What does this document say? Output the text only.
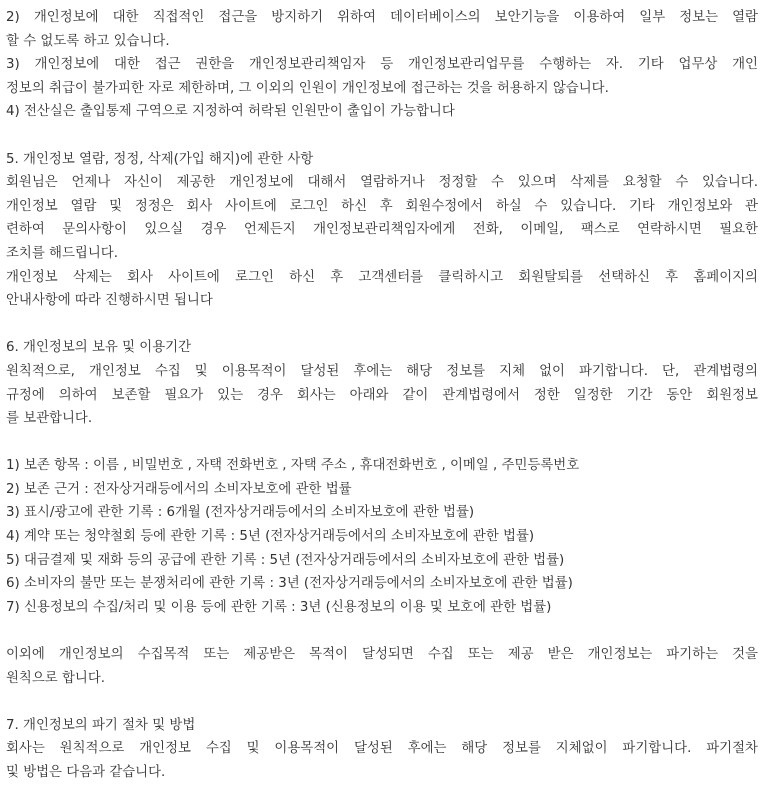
2) 개인정보에 대한 직접적인 접근을 방지하기 위하여 데이터베이스의 보안기능을 이용하여 일부 정보는 열람
할 수 없도록 하고 있습니다.
3) 개인정보에 대한 접근 권한을 개인정보관리책임자 등 개인정보관리업무를 수행하는 자. 기타 업무상 개인
정보의 취급이 불가피한 자로 제한하며, 그 이외의 인원이 개인정보에 접근하는 것을 허용하지 않습니다.
4) 전산실은 출입통제 구역으로 지정하여 허락된 인원만이 출입이 가능합니다
5. 개인정보 열람, 정정, 삭제(가입 해지)에 관한 사항
회원님은 언제나 자신이 제공한 개인정보에 대해서 열람하거나 정정할 수 있으며 삭제를 요청할 수 있습니다.
개인정보 열람 및 정정은 회사 사이트에 로그인 하신 후 회원수정에서 하실 수 있습니다. 기타 개인정보와 관
련하여 문의사항이 있으실 경우 언제든지 개인정보관리책임자에게 전화, 이메일, 팩스로 연락하시면 필요한
조치를 해드립니다.
개인정보 삭제는 회사 사이트에 로그인 하신 후 고객센터를 클릭하시고 회원탈퇴를 선택하신 후 홈페이지의
안내사항에 따라 진행하시면 됩니다
6. 개인정보의 보유 및 이용기간
원칙적으로, 개인정보 수집 및 이용목적이 달성된 후에는 해당 정보를 지체 없이 파기합니다. 단, 관계법령의
규정에 의하여 보존할 필요가 있는 경우 회사는 아래와 같이 관계법령에서 정한 일정한 기간 동안 회원정보
를 보관합니다.
1) 보존 항목 : 이름 , 비밀번호 , 자택 전화번호 , 자택 주소 , 휴대전화번호 , 이메일 , 주민등록번호
2) 보존 근거 : 전자상거래등에서의 소비자보호에 관한 법률
3) 표시/광고에 관한 기록 : 6개월 (전자상거래등에서의 소비자보호에 관한 법률)
4) 계약 또는 청약철회 등에 관한 기록 : 5년 (전자상거래등에서의 소비자보호에 관한 법률)
5) 대금결제 및 재화 등의 공급에 관한 기록 : 5년 (전자상거래등에서의 소비자보호에 관한 법률)
6) 소비자의 불만 또는 분쟁처리에 관한 기록 : 3년 (전자상거래등에서의 소비자보호에 관한 법률)
7) 신용정보의 수집/처리 및 이용 등에 관한 기록 : 3년 (신용정보의 이용 및 보호에 관한 법률)
이외에 개인정보의 수집목적 또는 제공받은 목적이 달성되면 수집 또는 제공 받은 개인정보는 파기하는 것을
원칙으로 합니다.
7. 개인정보의 파기 절차 및 방법
회사는 원칙적으로 개인정보 수집 및 이용목적이 달성된 후에는 해당 정보를 지체없이 파기합니다. 파기절차
및 방법은 다음과 같습니다.
